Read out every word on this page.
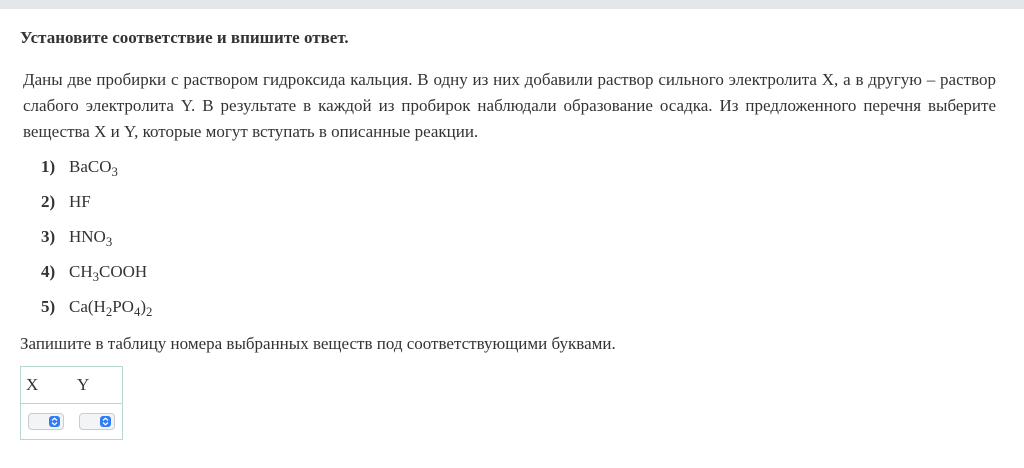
Установите соответствие и впишите ответ.
Даны две пробирки с раствором гидроксида кальция. В одну из них добавили раствор сильного электролита X, а в другую – раствор слабого электролита Y. В результате в каждой из пробирок наблюдали образование осадка. Из предложенного перечня выберите вещества X и Y, которые могут вступать в описанные реакции.
1) BaCO$_3$
2) HF
3) $HNO_3$
4) $CH_3COOH$
5) $Ca(H_2PO_4)_2$
Запишите в таблицу номера выбранных веществ под соответствующими буквами.
X Y
